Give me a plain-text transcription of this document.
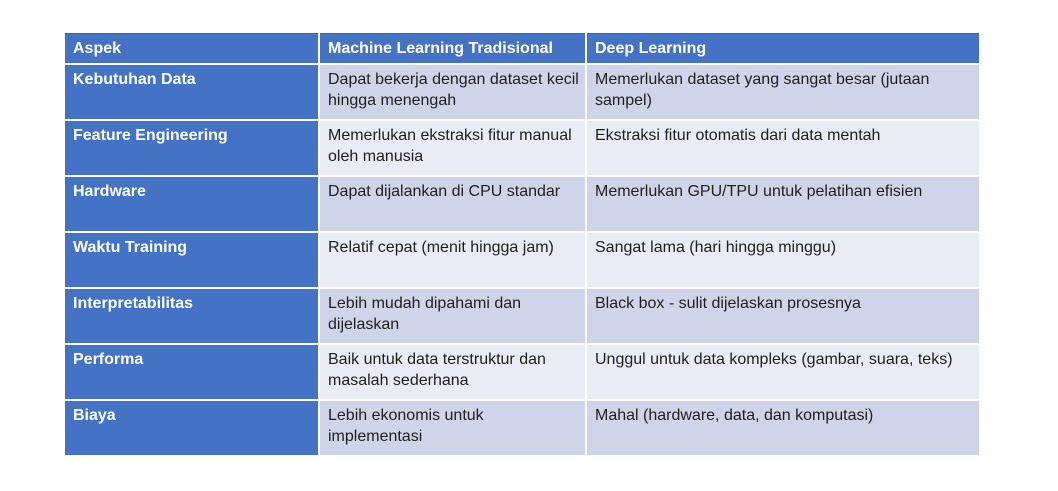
Aspek	Machine Learning Tradisional	Deep Learning
Kebutuhan Data	Dapat bekerja dengan dataset kecil hingga menengah	Memerlukan dataset yang sangat besar (jutaan sampel)
Feature Engineering	Memerlukan ekstraksi fitur manual oleh manusia	Ekstraksi fitur otomatis dari data mentah
Hardware	Dapat dijalankan di CPU standar	Memerlukan GPU/TPU untuk pelatihan efisien
Waktu Training	Relatif cepat (menit hingga jam)	Sangat lama (hari hingga minggu)
Interpretabilitas	Lebih mudah dipahami dan dijelaskan	Black box - sulit dijelaskan prosesnya
Performa	Baik untuk data terstruktur dan masalah sederhana	Unggul untuk data kompleks (gambar, suara, teks)
Biaya	Lebih ekonomis untuk implementasi	Mahal (hardware, data, dan komputasi)
